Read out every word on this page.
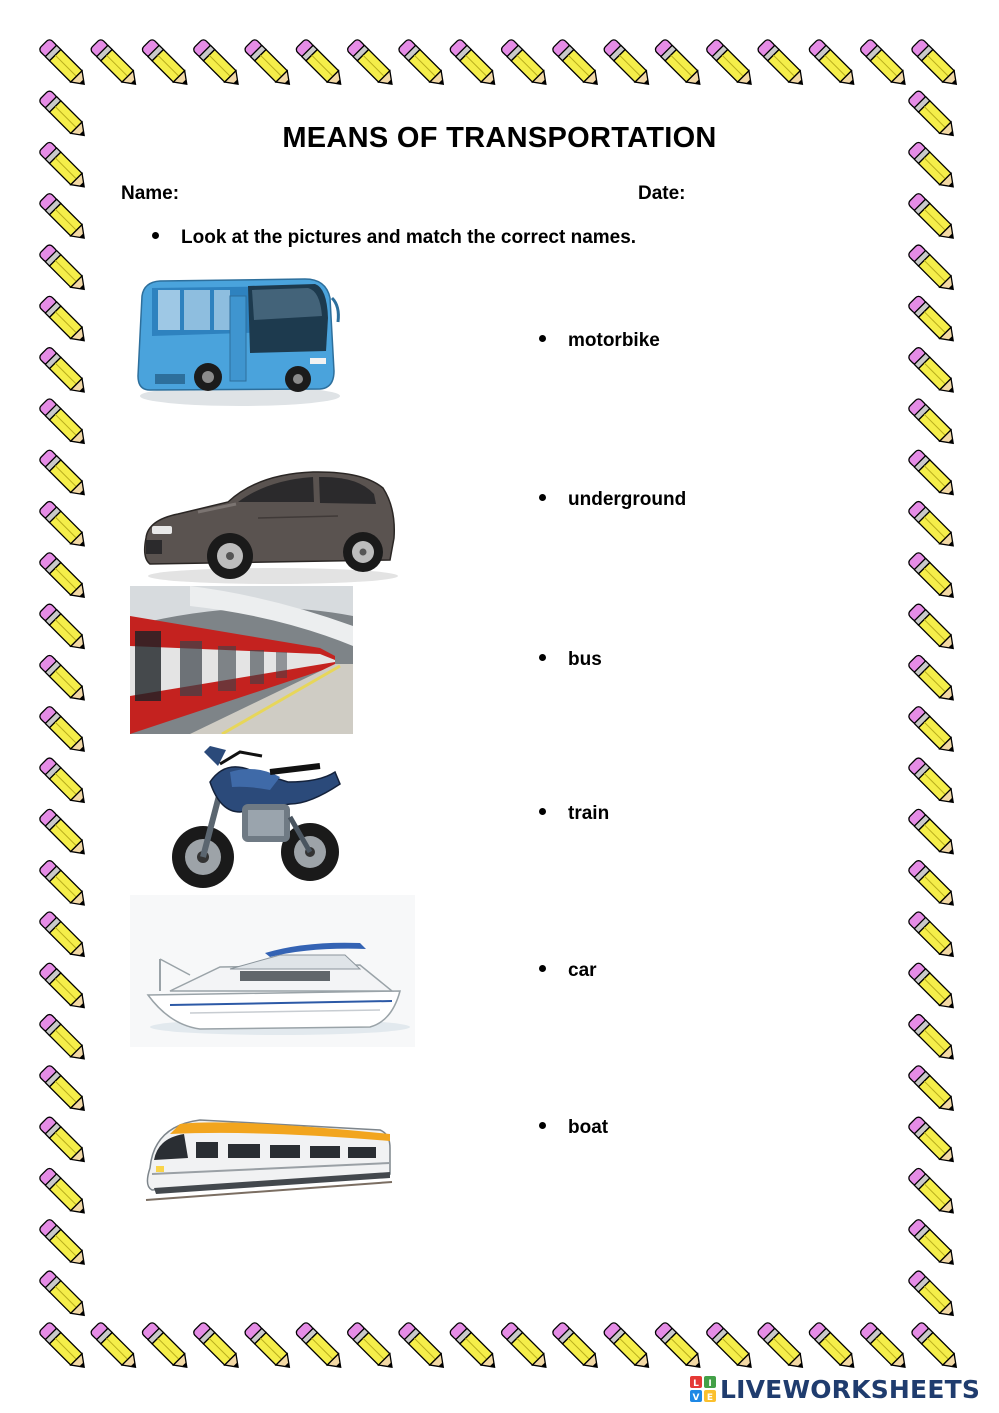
MEANS OF TRANSPORTATION
Name:	Date:
Look at the pictures and match the correct names.
motorbike
underground
bus
train
car
boat
L I
V E LIVEWORKSHEETS
